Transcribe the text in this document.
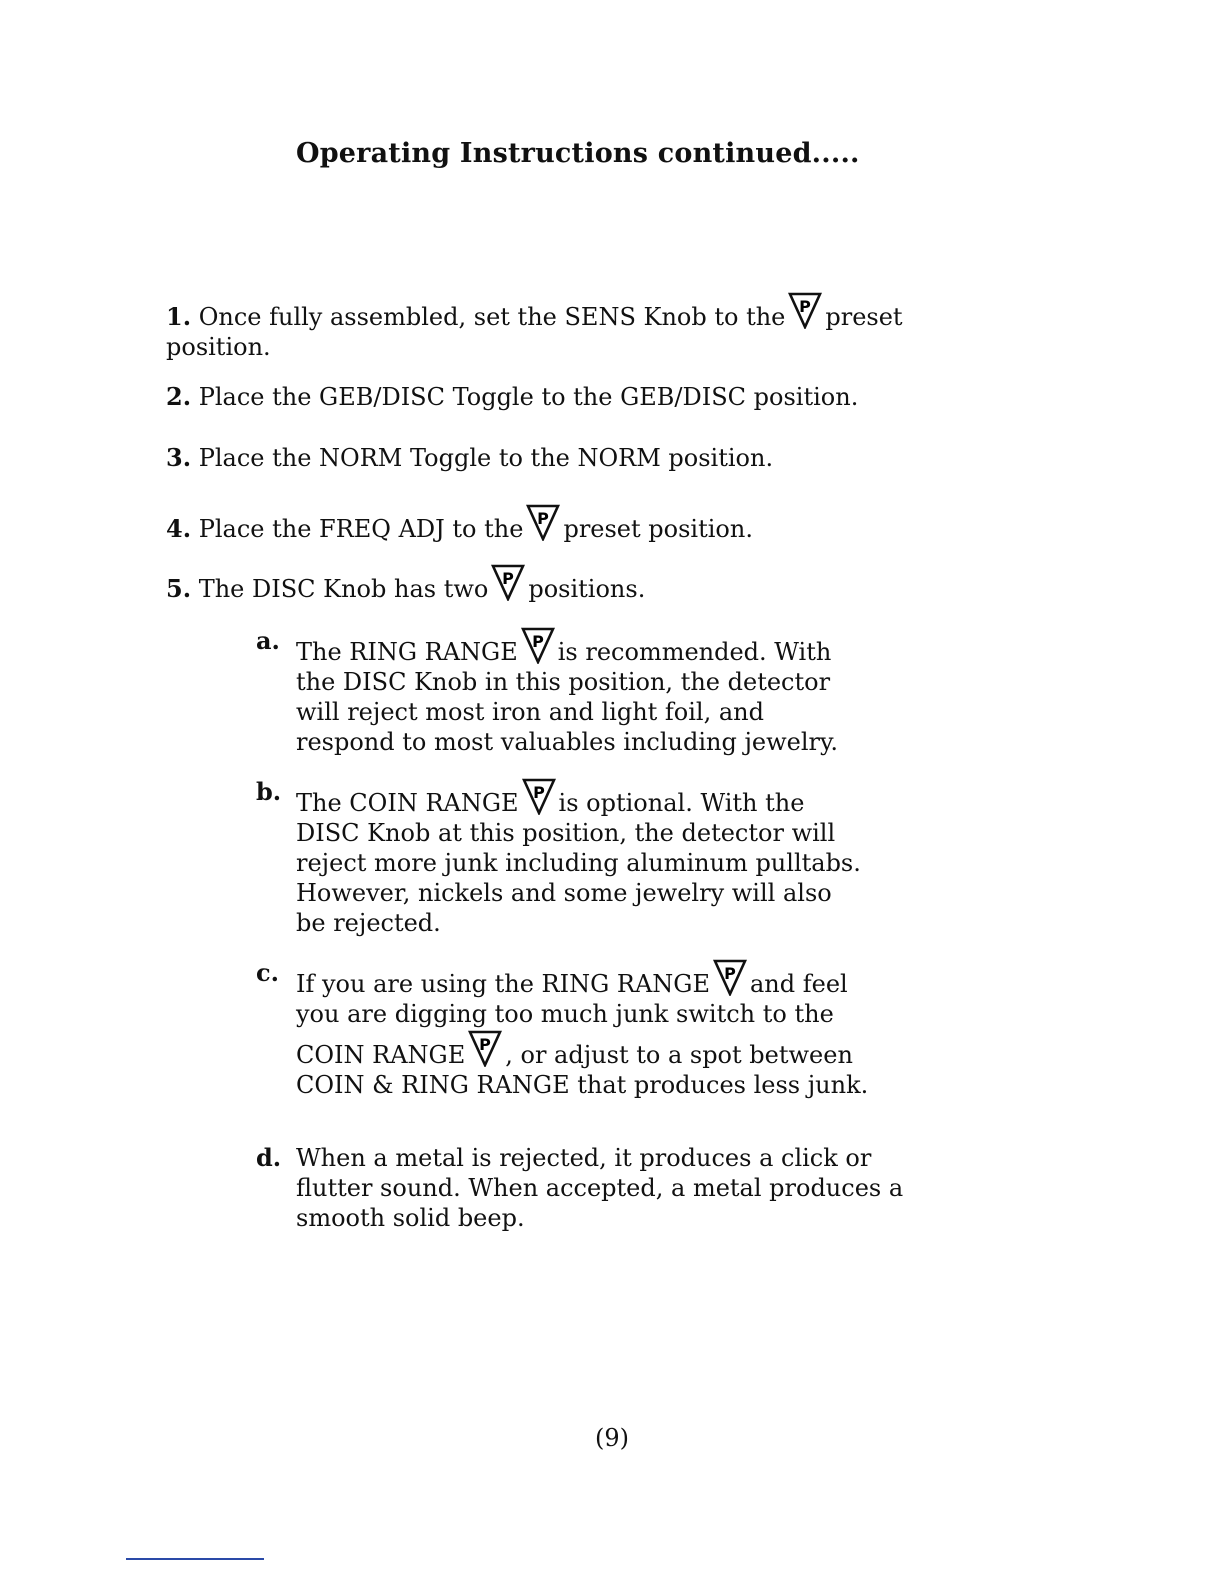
Operating Instructions continued.....
1. Once fully assembled, set the SENS Knob to the P preset
position.
2. Place the GEB/DISC Toggle to the GEB/DISC position.
3. Place the NORM Toggle to the NORM position.
4. Place the FREQ ADJ to the P preset position.
5. The DISC Knob has two P positions.
a. The RING RANGE P is recommended. With
the DISC Knob in this position, the detector
will reject most iron and light foil, and
respond to most valuables including jewelry.
b. The COIN RANGE P is optional. With the
DISC Knob at this position, the detector will
reject more junk including aluminum pulltabs.
However, nickels and some jewelry will also
be rejected.
c. If you are using the RING RANGE P and feel
you are digging too much junk switch to the
COIN RANGE P , or adjust to a spot between
COIN & RING RANGE that produces less junk.
d. When a metal is rejected, it produces a click or
flutter sound. When accepted, a metal produces a
smooth solid beep.
(9)
